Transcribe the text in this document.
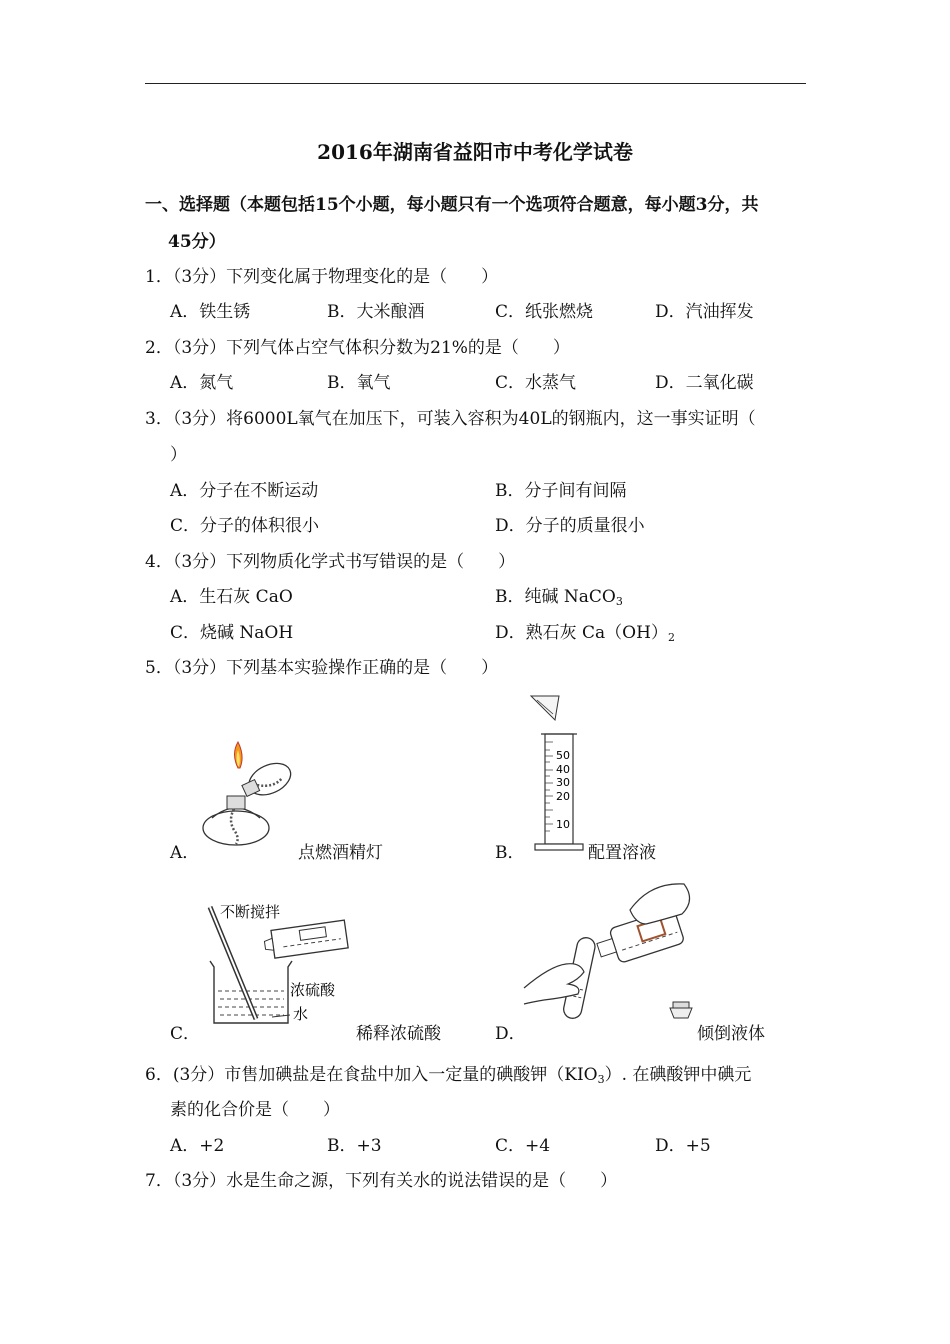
2016年湖南省益阳市中考化学试卷
一、选择题（本题包括15个小题，每小题只有一个选项符合题意，每小题3分，共
45分）
1．（3分）下列变化属于物理变化的是（　　）
A．铁生锈	B．大米酿酒	C．纸张燃烧	D．汽油挥发
2．（3分）下列气体占空气体积分数为21%的是（　　）
A．氮气	B．氧气	C．水蒸气	D．二氧化碳
3．（3分）将6000L氧气在加压下，可装入容积为40L的钢瓶内，这一事实证明（
）
A．分子在不断运动	B．分子间有间隔
C．分子的体积很小	D．分子的质量很小
4．（3分）下列物质化学式书写错误的是（　　）
A．生石灰 CaO	B．纯碱 NaCO$_3$
C．烧碱 NaOH	D．熟石灰 $Ca(OH)_2$
5．（3分）下列基本实验操作正确的是（　　）
A．	点燃酒精灯	B．
50
40
30
20
10
配置溶液
C．
不断搅拌
浓硫酸
水
稀释浓硫酸	D．	倾倒液体
6．(3分）市售加碘盐是在食盐中加入一定量的碘酸钾$(KIO_3)$. 在碘酸钾中碘元
素的化合价是（　　）
A．+2	B．+3	C．+4	D．+5
7．（3分）水是生命之源，下列有关水的说法错误的是（　　）
